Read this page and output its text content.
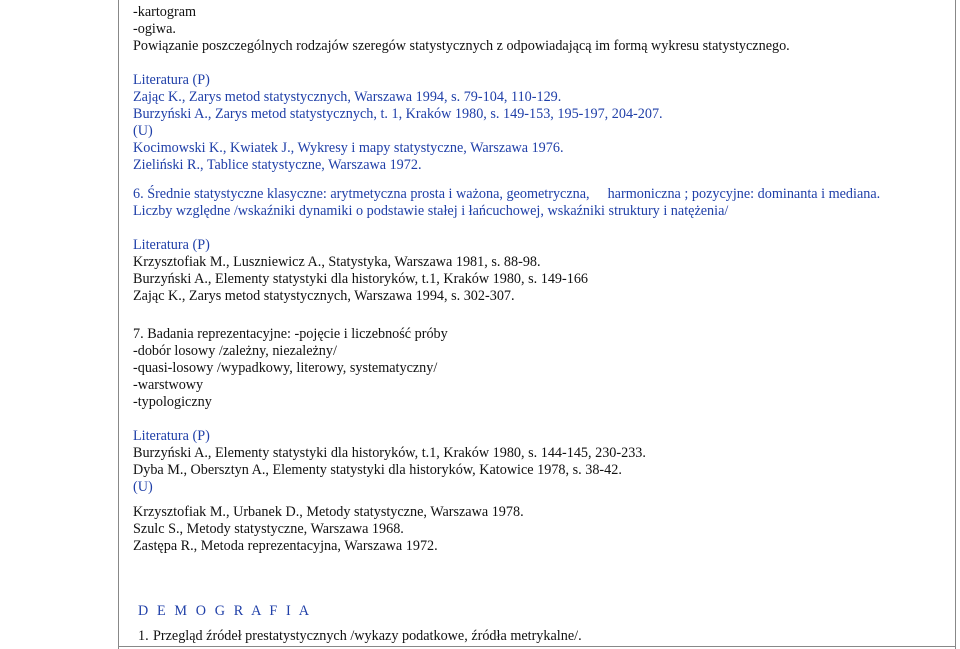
-kartogram
-ogiwa.
Powiązanie poszczególnych rodzajów szeregów statystycznych z odpowiadającą im formą wykresu statystycznego.
Literatura (P)
Zając K., Zarys metod statystycznych, Warszawa 1994, s. 79-104, 110-129.
Burzyński A., Zarys metod statystycznych, t. 1, Kraków 1980, s. 149-153, 195-197, 204-207.
(U)
Kocimowski K., Kwiatek J., Wykresy i mapy statystyczne, Warszawa 1976.
Zieliński R., Tablice statystyczne, Warszawa 1972.
6. Średnie statystyczne klasyczne: arytmetyczna prosta i ważona, geometryczna, harmoniczna ; pozycyjne: dominanta i mediana.
Liczby względne /wskaźniki dynamiki o podstawie stałej i łańcuchowej, wskaźniki struktury i natężenia/
Literatura (P)
Krzysztofiak M., Luszniewicz A., Statystyka, Warszawa 1981, s. 88-98.
Burzyński A., Elementy statystyki dla historyków, t.1, Kraków 1980, s. 149-166
Zając K., Zarys metod statystycznych, Warszawa 1994, s. 302-307.
7. Badania reprezentacyjne: -pojęcie i liczebność próby
-dobór losowy /zależny, niezależny/
-quasi-losowy /wypadkowy, literowy, systematyczny/
-warstwowy
-typologiczny
Literatura (P)
Burzyński A., Elementy statystyki dla historyków, t.1, Kraków 1980, s. 144-145, 230-233.
Dyba M., Obersztyn A., Elementy statystyki dla historyków, Katowice 1978, s. 38-42.
(U)
Krzysztofiak M., Urbanek D., Metody statystyczne, Warszawa 1978.
Szulc S., Metody statystyczne, Warszawa 1968.
Zastępa R., Metoda reprezentacyjna, Warszawa 1972.
D E M O G R A F I A
1. Przegląd źródeł prestatystycznych /wykazy podatkowe, źródła metrykalne/.
